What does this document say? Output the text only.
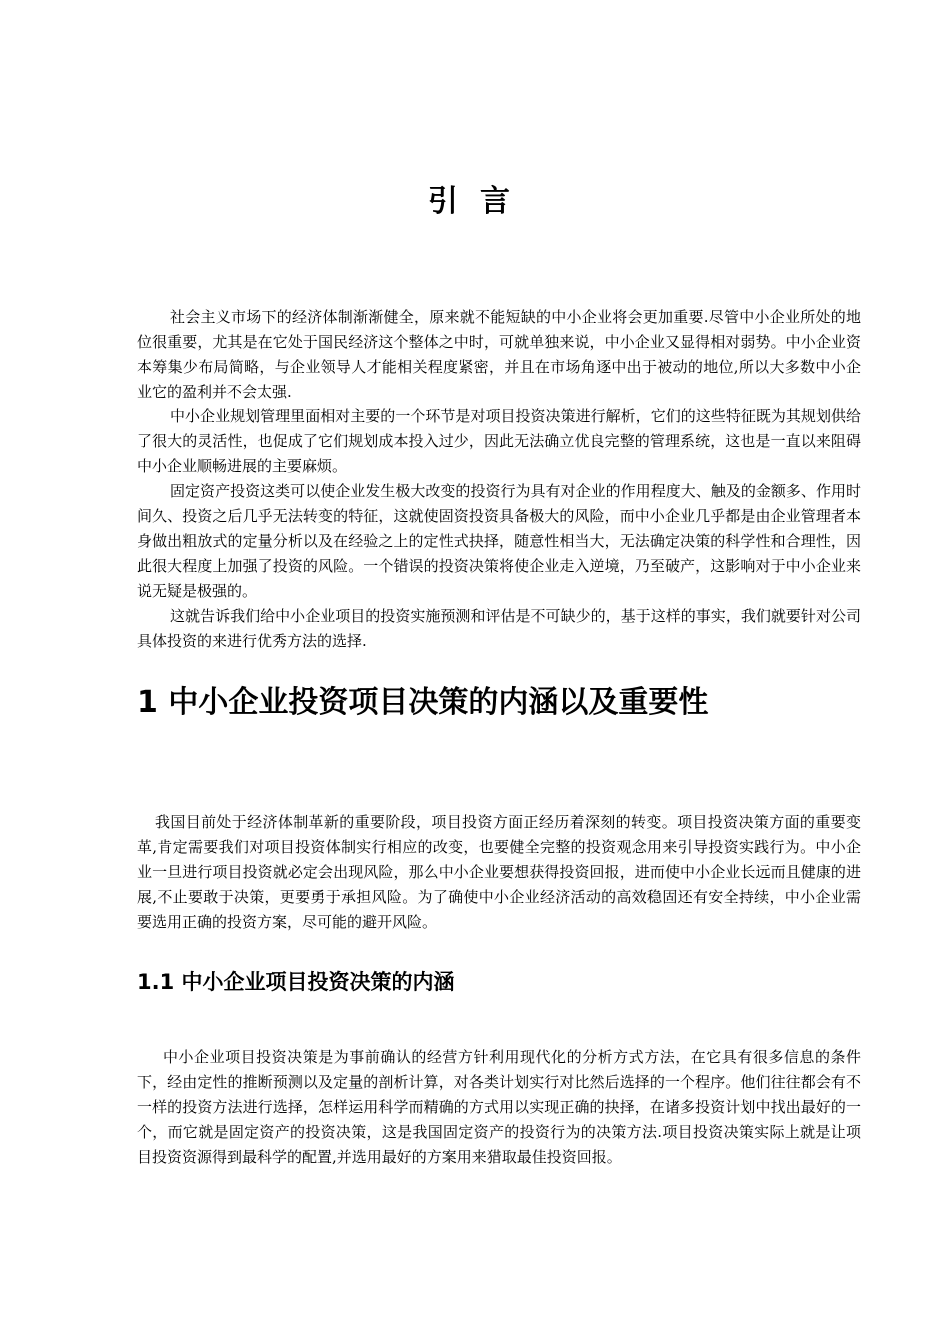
引言

社会主义市场下的经济体制渐渐健全，原来就不能短缺的中小企业将会更加重要.尽管中小企业所处的地位很重要，尤其是在它处于国民经济这个整体之中时，可就单独来说，中小企业又显得相对弱势。中小企业资本筹集少布局简略，与企业领导人才能相关程度紧密，并且在市场角逐中出于被动的地位,所以大多数中小企业它的盈利并不会太强.

中小企业规划管理里面相对主要的一个环节是对项目投资决策进行解析，它们的这些特征既为其规划供给了很大的灵活性，也促成了它们规划成本投入过少，因此无法确立优良完整的管理系统，这也是一直以来阻碍中小企业顺畅进展的主要麻烦。

固定资产投资这类可以使企业发生极大改变的投资行为具有对企业的作用程度大、触及的金额多、作用时间久、投资之后几乎无法转变的特征，这就使固资投资具备极大的风险，而中小企业几乎都是由企业管理者本身做出粗放式的定量分析以及在经验之上的定性式抉择，随意性相当大，无法确定决策的科学性和合理性，因此很大程度上加强了投资的风险。一个错误的投资决策将使企业走入逆境，乃至破产，这影响对于中小企业来说无疑是极强的。

这就告诉我们给中小企业项目的投资实施预测和评估是不可缺少的，基于这样的事实，我们就要针对公司具体投资的来进行优秀方法的选择.

1 中小企业投资项目决策的内涵以及重要性

我国目前处于经济体制革新的重要阶段，项目投资方面正经历着深刻的转变。项目投资决策方面的重要变革,肯定需要我们对项目投资体制实行相应的改变，也要健全完整的投资观念用来引导投资实践行为。中小企业一旦进行项目投资就必定会出现风险，那么中小企业要想获得投资回报，进而使中小企业长远而且健康的进展,不止要敢于决策，更要勇于承担风险。为了确使中小企业经济活动的高效稳固还有安全持续，中小企业需要选用正确的投资方案，尽可能的避开风险。

1.1 中小企业项目投资决策的内涵

中小企业项目投资决策是为事前确认的经营方针利用现代化的分析方式方法，在它具有很多信息的条件下，经由定性的推断预测以及定量的剖析计算，对各类计划实行对比然后选择的一个程序。他们往往都会有不一样的投资方法进行选择，怎样运用科学而精确的方式用以实现正确的抉择，在诸多投资计划中找出最好的一个，而它就是固定资产的投资决策，这是我国固定资产的投资行为的决策方法.项目投资决策实际上就是让项目投资资源得到最科学的配置,并选用最好的方案用来猎取最佳投资回报。
